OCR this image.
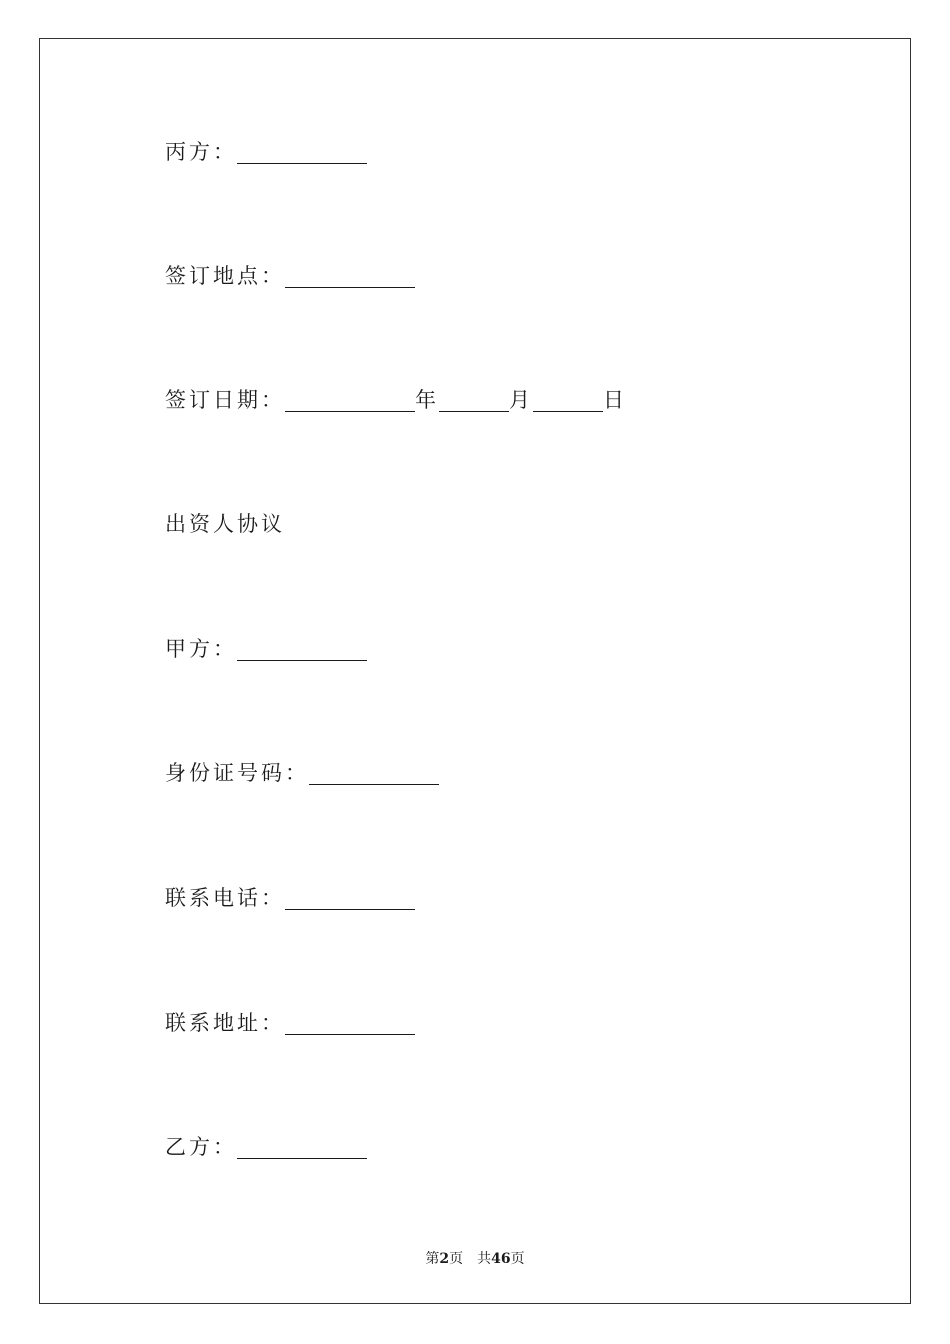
丙方：
签订地点：
签订日期：	年	月	日
出资人协议
甲方：
身份证号码：
联系电话：
联系地址：
乙方：
第2页 共46页
